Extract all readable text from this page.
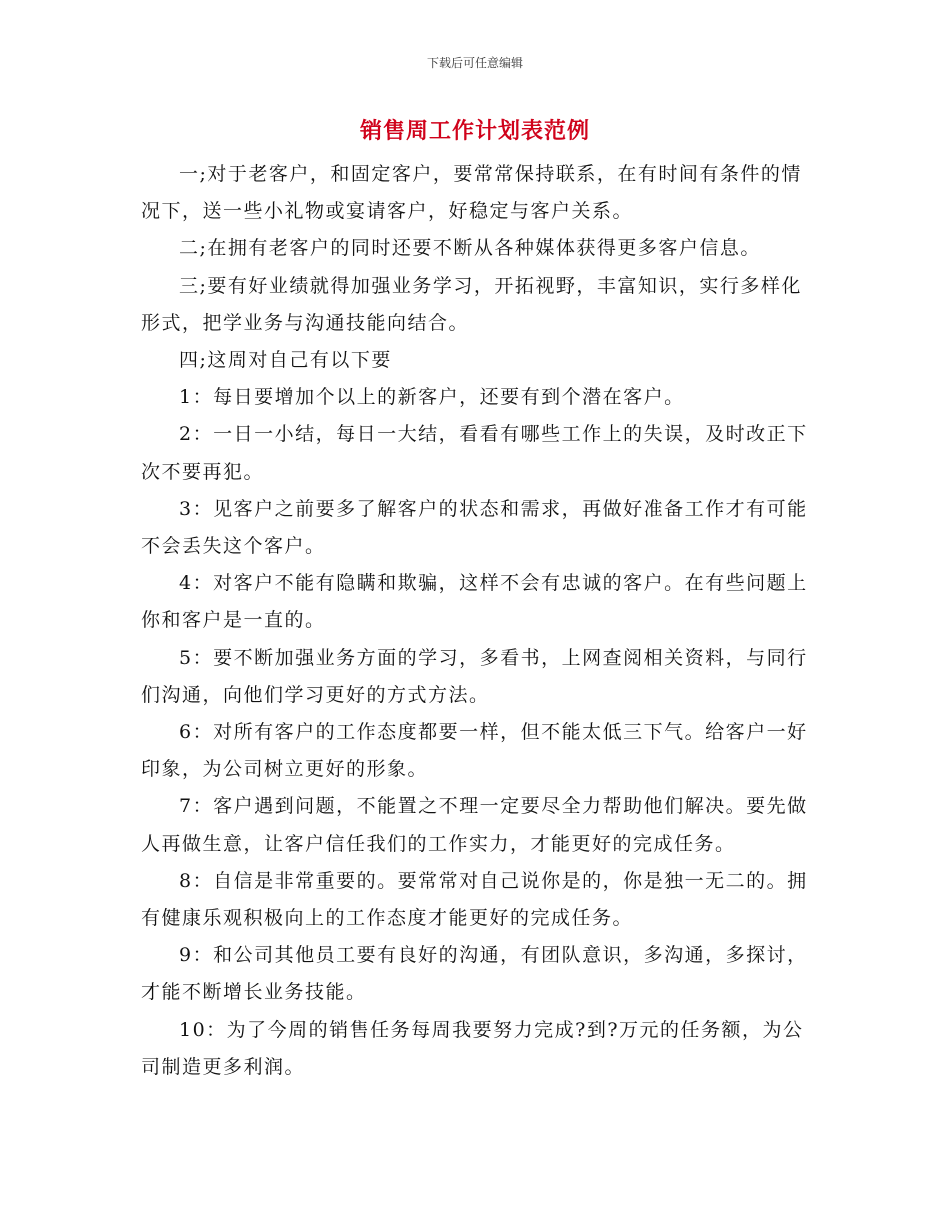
下载后可任意编辑
销售周工作计划表范例

一;对于老客户，和固定客户，要常常保持联系，在有时间有条件的情况下，送一些小礼物或宴请客户，好稳定与客户关系。

二;在拥有老客户的同时还要不断从各种媒体获得更多客户信息。

三;要有好业绩就得加强业务学习，开拓视野，丰富知识，实行多样化形式，把学业务与沟通技能向结合。

四;这周对自己有以下要

1：每日要增加个以上的新客户，还要有到个潜在客户。

2：一日一小结，每日一大结，看看有哪些工作上的失误，及时改正下次不要再犯。

3：见客户之前要多了解客户的状态和需求，再做好准备工作才有可能不会丢失这个客户。

4：对客户不能有隐瞒和欺骗，这样不会有忠诚的客户。在有些问题上你和客户是一直的。

5：要不断加强业务方面的学习，多看书，上网查阅相关资料，与同行们沟通，向他们学习更好的方式方法。

6：对所有客户的工作态度都要一样，但不能太低三下气。给客户一好印象，为公司树立更好的形象。

7：客户遇到问题，不能置之不理一定要尽全力帮助他们解决。要先做人再做生意，让客户信任我们的工作实力，才能更好的完成任务。

8：自信是非常重要的。要常常对自己说你是的，你是独一无二的。拥有健康乐观积极向上的工作态度才能更好的完成任务。

9：和公司其他员工要有良好的沟通，有团队意识，多沟通，多探讨，才能不断增长业务技能。

10：为了今周的销售任务每周我要努力完成?到?万元的任务额，为公司制造更多利润。
